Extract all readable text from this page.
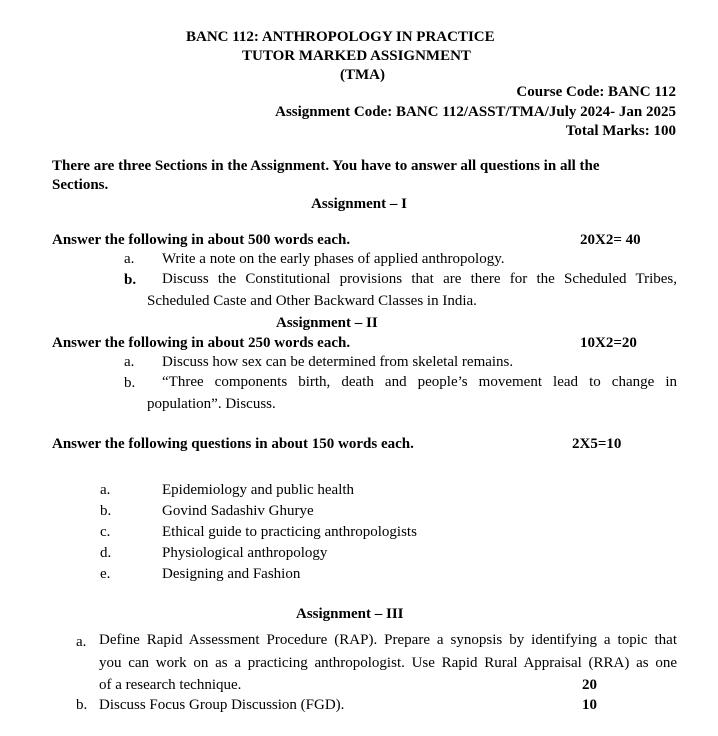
BANC 112: ANTHROPOLOGY IN PRACTICE
TUTOR MARKED ASSIGNMENT
(TMA)
Course Code: BANC 112
Assignment Code: BANC 112/ASST/TMA/July 2024- Jan 2025
Total Marks: 100
There are three Sections in the Assignment. You have to answer all questions in all the
Sections.
Assignment – I
Answer the following in about 500 words each.	20X2= 40
a. Write a note on the early phases of applied anthropology.
b. Discuss the Constitutional provisions that are there for the Scheduled Tribes,
Scheduled Caste and Other Backward Classes in India.
Assignment – II
Answer the following in about 250 words each.	10X2=20
a. Discuss how sex can be determined from skeletal remains.
b. “Three components birth, death and people’s movement lead to change in
population”. Discuss.
Answer the following questions in about 150 words each.	2X5=10
a.	Epidemiology and public health
b.	Govind Sadashiv Ghurye
c.	Ethical guide to practicing anthropologists
d.	Physiological anthropology
e.	Designing and Fashion
Assignment – III
a. Define Rapid Assessment Procedure (RAP). Prepare a synopsis by identifying a topic that
you can work on as a practicing anthropologist. Use Rapid Rural Appraisal (RRA) as one
of a research technique.	20
b. Discuss Focus Group Discussion (FGD).	10
